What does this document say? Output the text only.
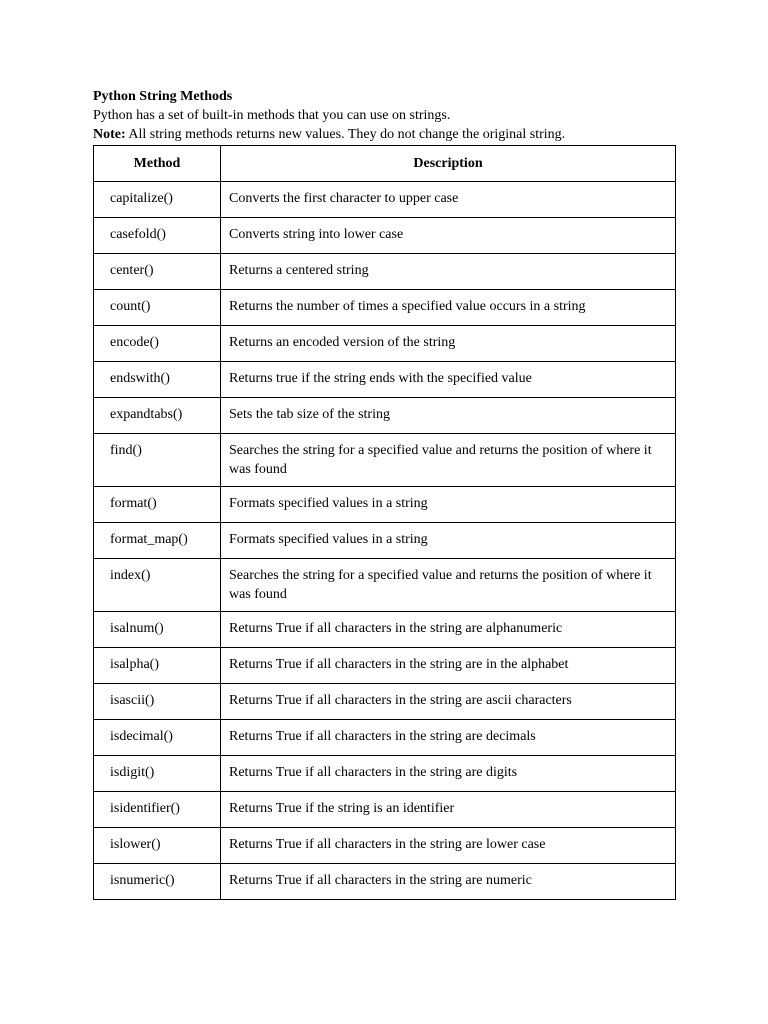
Python String Methods

Python has a set of built-in methods that you can use on strings.

Note: All string methods returns new values. They do not change the original string.

Method	Description
capitalize()	Converts the first character to upper case
casefold()	Converts string into lower case
center()	Returns a centered string
count()	Returns the number of times a specified value occurs in a string
encode()	Returns an encoded version of the string
endswith()	Returns true if the string ends with the specified value
expandtabs()	Sets the tab size of the string
find()	Searches the string for a specified value and returns the position of where it was found
format()	Formats specified values in a string
format_map()	Formats specified values in a string
index()	Searches the string for a specified value and returns the position of where it was found
isalnum()	Returns True if all characters in the string are alphanumeric
isalpha()	Returns True if all characters in the string are in the alphabet
isascii()	Returns True if all characters in the string are ascii characters
isdecimal()	Returns True if all characters in the string are decimals
isdigit()	Returns True if all characters in the string are digits
isidentifier()	Returns True if the string is an identifier
islower()	Returns True if all characters in the string are lower case
isnumeric()	Returns True if all characters in the string are numeric
